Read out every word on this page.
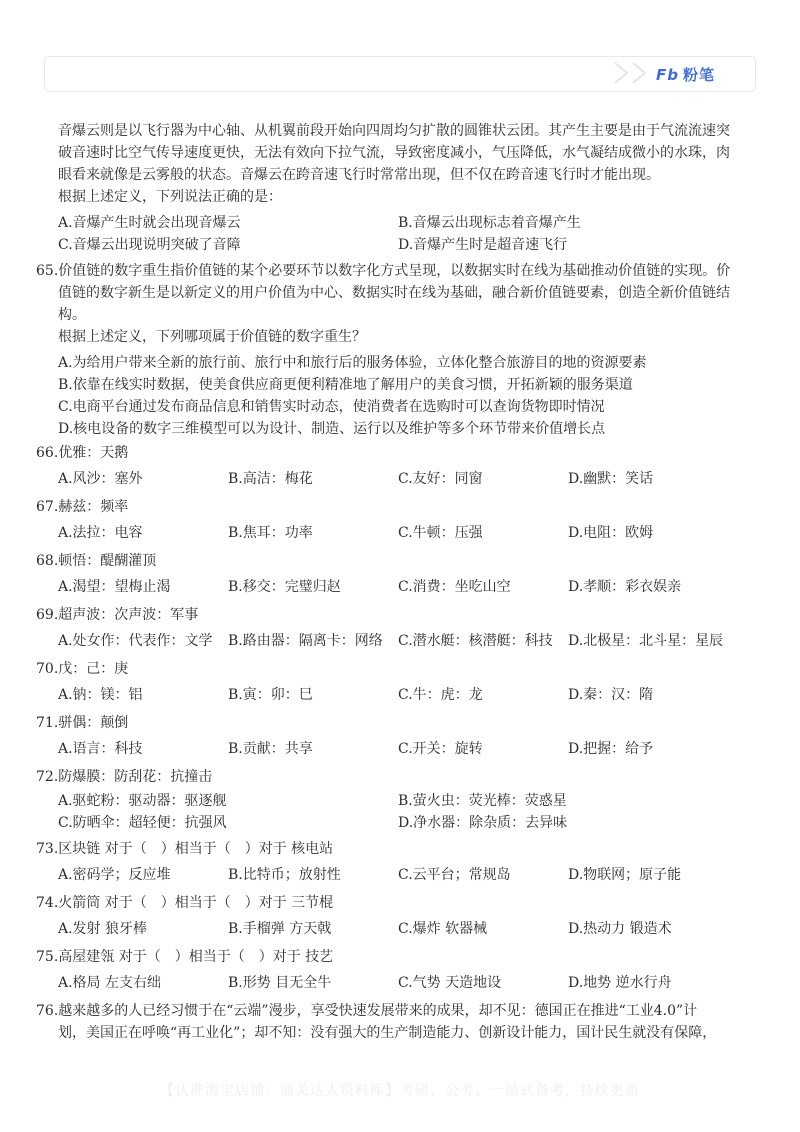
Fb 粉笔

音爆云则是以飞行器为中心轴、从机翼前段开始向四周均匀扩散的圆锥状云团。其产生主要是由于气流流速突

破音速时比空气传导速度更快，无法有效向下拉气流，导致密度减小，气压降低，水气凝结成微小的水珠，肉

眼看来就像是云雾般的状态。音爆云在跨音速飞行时常常出现，但不仅在跨音速飞行时才能出现。

根据上述定义，下列说法正确的是：

A.音爆产生时就会出现音爆云	B.音爆云出现标志着音爆产生
C.音爆云出现说明突破了音障	D.音爆产生时是超音速飞行

65.价值链的数字重生指价值链的某个必要环节以数字化方式呈现，以数据实时在线为基础推动价值链的实现。价

值链的数字新生是以新定义的用户价值为中心、数据实时在线为基础，融合新价值链要素，创造全新价值链结

构。

根据上述定义，下列哪项属于价值链的数字重生？

A.为给用户带来全新的旅行前、旅行中和旅行后的服务体验，立体化整合旅游目的地的资源要素

B.依靠在线实时数据，使美食供应商更便利精准地了解用户的美食习惯，开拓新颖的服务渠道

C.电商平台通过发布商品信息和销售实时动态，使消费者在选购时可以查询货物即时情况

D.核电设备的数字三维模型可以为设计、制造、运行以及维护等多个环节带来价值增长点

66.优雅：天鹅

A.风沙：塞外	B.高洁：梅花	C.友好：同窗	D.幽默：笑话

67.赫兹：频率

A.法拉：电容	B.焦耳：功率	C.牛顿：压强	D.电阻：欧姆

68.顿悟：醍醐灌顶

A.渴望：望梅止渴	B.移交：完璧归赵	C.消费：坐吃山空	D.孝顺：彩衣娱亲

69.超声波：次声波：军事

A.处女作：代表作：文学	B.路由器：隔离卡：网络	C.潜水艇：核潜艇：科技	D.北极星：北斗星：星辰

70.戊：己：庚

A.钠：镁：铝	B.寅：卯：巳	C.牛：虎：龙	D.秦：汉：隋

71.骈偶：颠倒

A.语言：科技	B.贡献：共享	C.开关：旋转	D.把握：给予

72.防爆膜：防刮花：抗撞击

A.驱蛇粉：驱动器：驱逐舰	B.萤火虫：荧光棒：荧惑星
C.防晒伞：超轻便：抗强风	D.净水器：除杂质：去异味

73.区块链 对于（　）相当于（　）对于 核电站

A.密码学；反应堆	B.比特币；放射性	C.云平台；常规岛	D.物联网；原子能

74.火箭筒 对于（　）相当于（　）对于 三节棍

A.发射 狼牙棒	B.手榴弹 方天戟	C.爆炸 软器械	D.热动力 锻造术

75.高屋建瓴 对于（　）相当于（　）对于 技艺

A.格局 左支右绌	B.形势 目无全牛	C.气势 天造地设	D.地势 逆水行舟

76.越来越多的人已经习惯于在“云端”漫步，享受快速发展带来的成果，却不见：德国正在推进“工业4.0”计

划，美国正在呼唤“再工业化”；却不知：没有强大的生产制造能力、创新设计能力，国计民生就没有保障，

【认准淘宝店铺：通关达人资料库】考研、公考、一站式备考，持续更新
